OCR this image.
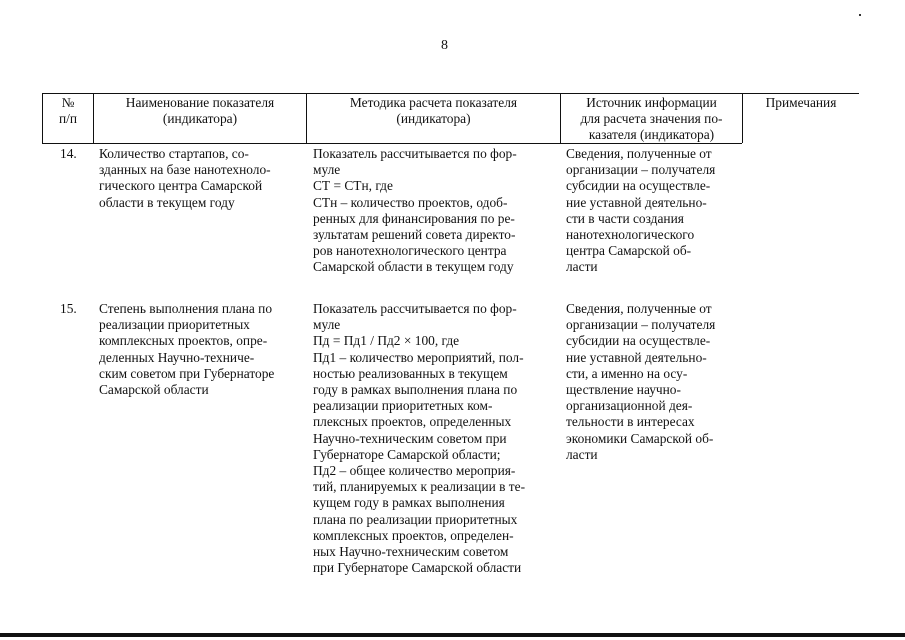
8
№
п/п
Наименование показателя
(индикатора)
Методика расчета показателя
(индикатора)
Источник информации
для расчета значения по-
казателя (индикатора)
Примечания
14. Количество стартапов, со-
зданных на базе нанотехноло-
гического центра Самарской
области в текущем году
Показатель рассчитывается по фор-
муле
СТ = СТн, где
СТн – количество проектов, одоб-
ренных для финансирования по ре-
зультатам решений совета директо-
ров нанотехнологического центра
Самарской области в текущем году
Сведения, полученные от
организации – получателя
субсидии на осуществле-
ние уставной деятельно-
сти в части создания
нанотехнологического
центра Самарской об-
ласти
15. Степень выполнения плана по
реализации приоритетных
комплексных проектов, опре-
деленных Научно-техниче-
ским советом при Губернаторе
Самарской области
Показатель рассчитывается по фор-
муле
Пд = Пд1 / Пд2 × 100, где
Пд1 – количество мероприятий, пол-
ностью реализованных в текущем
году в рамках выполнения плана по
реализации приоритетных ком-
плексных проектов, определенных
Научно-техническим советом при
Губернаторе Самарской области;
Пд2 – общее количество мероприя-
тий, планируемых к реализации в те-
кущем году в рамках выполнения
плана по реализации приоритетных
комплексных проектов, определен-
ных Научно-техническим советом
при Губернаторе Самарской области
Сведения, полученные от
организации – получателя
субсидии на осуществле-
ние уставной деятельно-
сти, а именно на осу-
ществление научно-
организационной дея-
тельности в интересах
экономики Самарской об-
ласти
